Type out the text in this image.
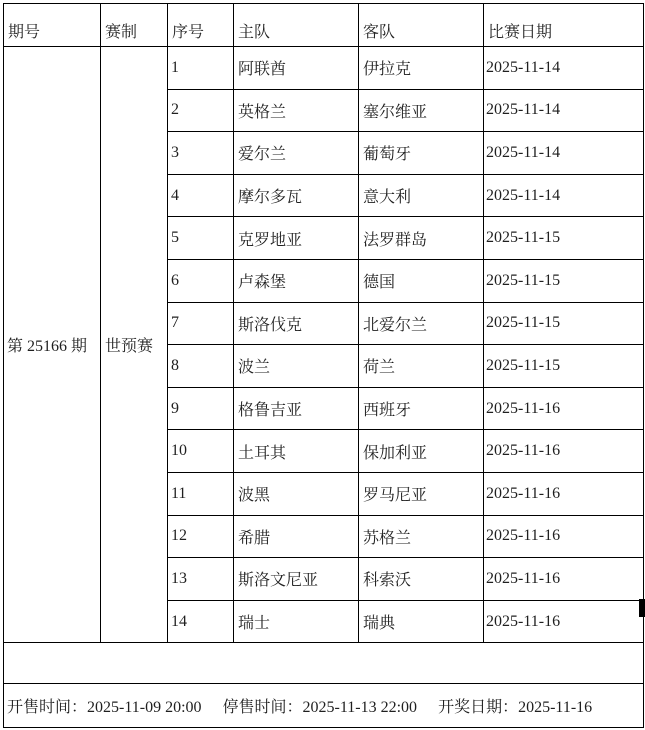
期号	赛制	序号	主队	客队	比赛日期
第 25166 期	世预赛	1	阿联酋	伊拉克	2025-11-14
		2	英格兰	塞尔维亚	2025-11-14
		3	爱尔兰	葡萄牙	2025-11-14
		4	摩尔多瓦	意大利	2025-11-14
		5	克罗地亚	法罗群岛	2025-11-15
		6	卢森堡	德国	2025-11-15
		7	斯洛伐克	北爱尔兰	2025-11-15
		8	波兰	荷兰	2025-11-15
		9	格鲁吉亚	西班牙	2025-11-16
		10	土耳其	保加利亚	2025-11-16
		11	波黑	罗马尼亚	2025-11-16
		12	希腊	苏格兰	2025-11-16
		13	斯洛文尼亚	科索沃	2025-11-16
		14	瑞士	瑞典	2025-11-16

开售时间：2025-11-09 20:00 停售时间：2025-11-13 22:00 开奖日期：2025-11-16					
